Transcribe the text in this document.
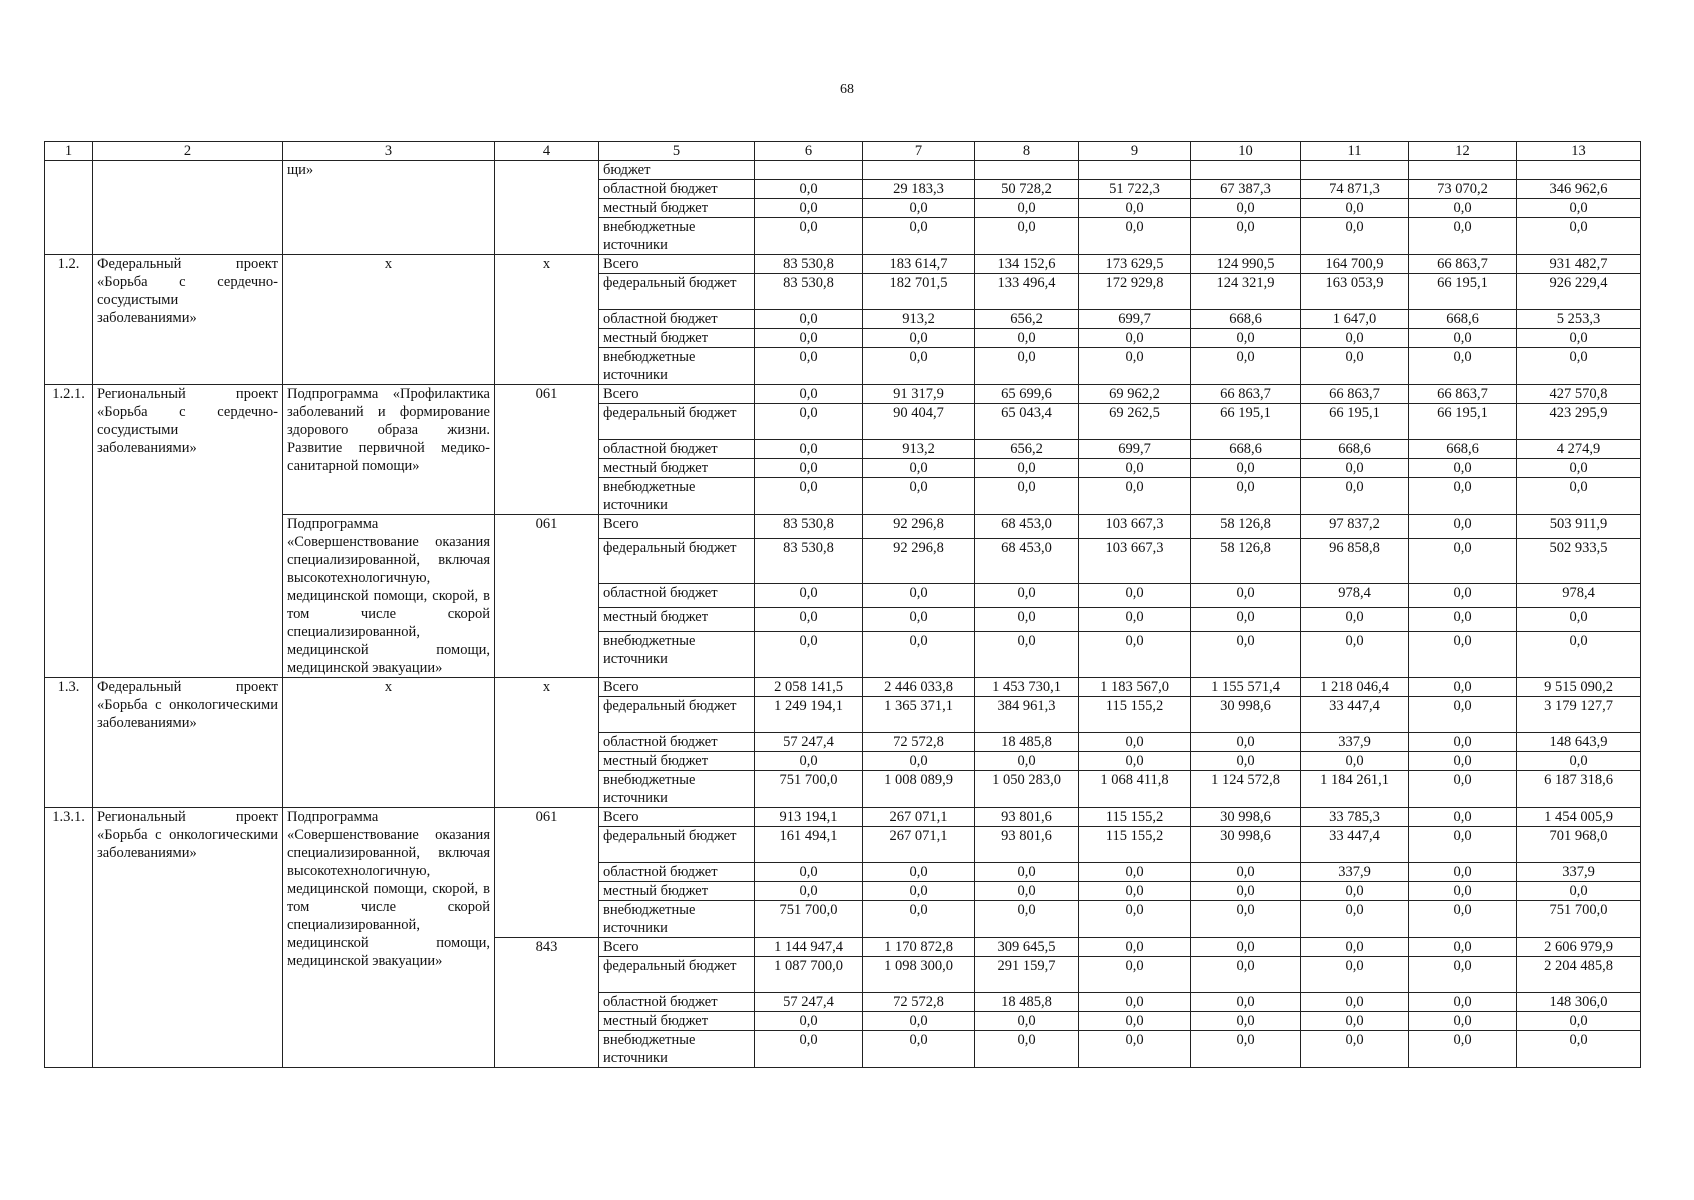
68
1	2	3	4	5	6	7	8	9	10	11	12	13
		щи»		бюджет								
				областной бюджет	0,0	29 183,3	50 728,2	51 722,3	67 387,3	74 871,3	73 070,2	346 962,6
				местный бюджет	0,0	0,0	0,0	0,0	0,0	0,0	0,0	0,0
				внебюджетные источники	0,0	0,0	0,0	0,0	0,0	0,0	0,0	0,0
1.2.	Федеральный проект «Борьба с сердечно-сосудистыми заболеваниями»	x	x	Всего	83 530,8	183 614,7	134 152,6	173 629,5	124 990,5	164 700,9	66 863,7	931 482,7
				федеральный бюджет	83 530,8	182 701,5	133 496,4	172 929,8	124 321,9	163 053,9	66 195,1	926 229,4
				областной бюджет	0,0	913,2	656,2	699,7	668,6	1 647,0	668,6	5 253,3
				местный бюджет	0,0	0,0	0,0	0,0	0,0	0,0	0,0	0,0
				внебюджетные источники	0,0	0,0	0,0	0,0	0,0	0,0	0,0	0,0
1.2.1.	Региональный проект «Борьба с сердечно-сосудистыми заболеваниями»	Подпрограмма «Профилактика заболеваний и формирование здорового образа жизни. Развитие первичной медико-санитарной помощи»	061	Всего	0,0	91 317,9	65 699,6	69 962,2	66 863,7	66 863,7	66 863,7	427 570,8
				федеральный бюджет	0,0	90 404,7	65 043,4	69 262,5	66 195,1	66 195,1	66 195,1	423 295,9
				областной бюджет	0,0	913,2	656,2	699,7	668,6	668,6	668,6	4 274,9
				местный бюджет	0,0	0,0	0,0	0,0	0,0	0,0	0,0	0,0
				внебюджетные источники	0,0	0,0	0,0	0,0	0,0	0,0	0,0	0,0
		Подпрограмма «Совершенствование оказания специализированной, включая высокотехнологичную, медицинской помощи, скорой, в том числе скорой специализированной, медицинской помощи, медицинской эвакуации»	061	Всего	83 530,8	92 296,8	68 453,0	103 667,3	58 126,8	97 837,2	0,0	503 911,9
				федеральный бюджет	83 530,8	92 296,8	68 453,0	103 667,3	58 126,8	96 858,8	0,0	502 933,5
				областной бюджет	0,0	0,0	0,0	0,0	0,0	978,4	0,0	978,4
				местный бюджет	0,0	0,0	0,0	0,0	0,0	0,0	0,0	0,0
				внебюджетные источники	0,0	0,0	0,0	0,0	0,0	0,0	0,0	0,0
1.3.	Федеральный проект «Борьба с онкологическими заболеваниями»	x	x	Всего	2 058 141,5	2 446 033,8	1 453 730,1	1 183 567,0	1 155 571,4	1 218 046,4	0,0	9 515 090,2
				федеральный бюджет	1 249 194,1	1 365 371,1	384 961,3	115 155,2	30 998,6	33 447,4	0,0	3 179 127,7
				областной бюджет	57 247,4	72 572,8	18 485,8	0,0	0,0	337,9	0,0	148 643,9
				местный бюджет	0,0	0,0	0,0	0,0	0,0	0,0	0,0	0,0
				внебюджетные источники	751 700,0	1 008 089,9	1 050 283,0	1 068 411,8	1 124 572,8	1 184 261,1	0,0	6 187 318,6
1.3.1.	Региональный проект «Борьба с онкологическими заболеваниями»	Подпрограмма «Совершенствование оказания специализированной, включая высокотехнологичную, медицинской помощи, скорой, в том числе скорой специализированной, медицинской помощи, медицинской эвакуации»	061	Всего	913 194,1	267 071,1	93 801,6	115 155,2	30 998,6	33 785,3	0,0	1 454 005,9
				федеральный бюджет	161 494,1	267 071,1	93 801,6	115 155,2	30 998,6	33 447,4	0,0	701 968,0
				областной бюджет	0,0	0,0	0,0	0,0	0,0	337,9	0,0	337,9
				местный бюджет	0,0	0,0	0,0	0,0	0,0	0,0	0,0	0,0
				внебюджетные источники	751 700,0	0,0	0,0	0,0	0,0	0,0	0,0	751 700,0
			843	Всего	1 144 947,4	1 170 872,8	309 645,5	0,0	0,0	0,0	0,0	2 606 979,9
				федеральный бюджет	1 087 700,0	1 098 300,0	291 159,7	0,0	0,0	0,0	0,0	2 204 485,8
				областной бюджет	57 247,4	72 572,8	18 485,8	0,0	0,0	0,0	0,0	148 306,0
				местный бюджет	0,0	0,0	0,0	0,0	0,0	0,0	0,0	0,0
				внебюджетные источники	0,0	0,0	0,0	0,0	0,0	0,0	0,0	0,0
